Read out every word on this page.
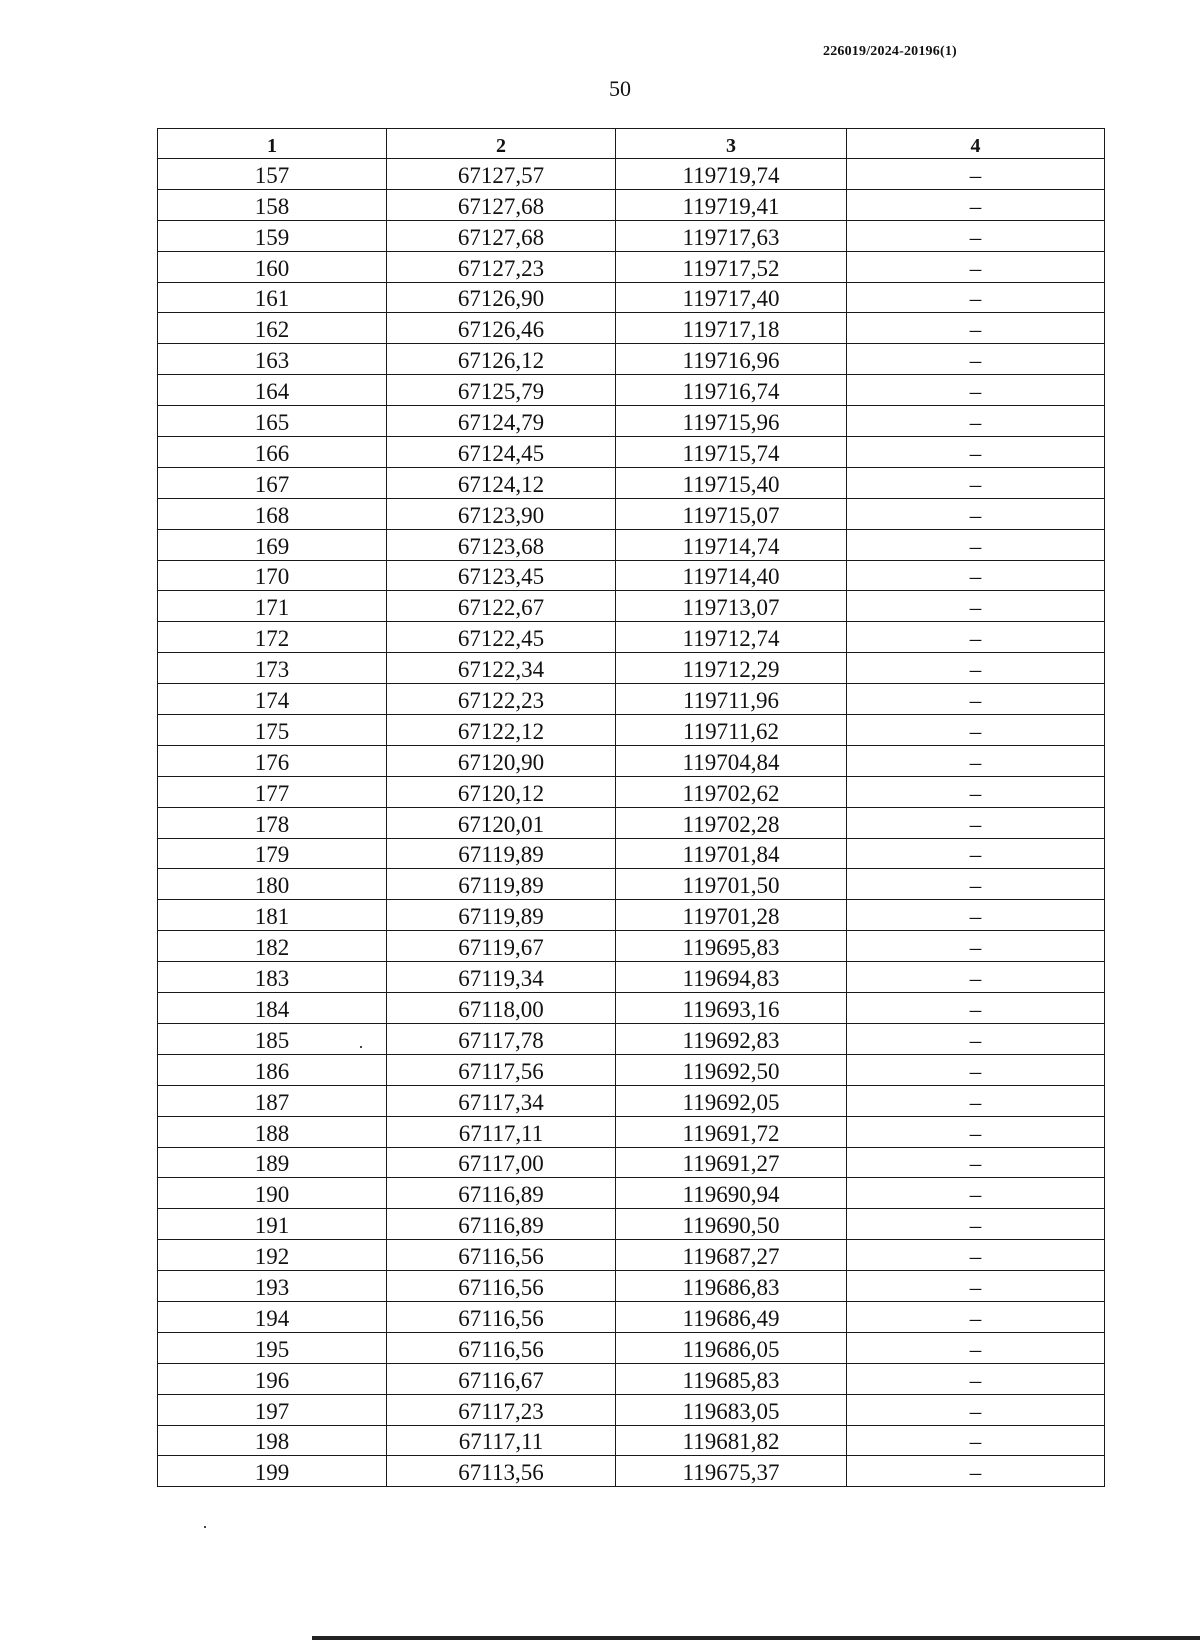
226019/2024-20196(1)
50
1	2	3	4
157	67127,57	119719,74	–
158	67127,68	119719,41	–
159	67127,68	119717,63	–
160	67127,23	119717,52	–
161	67126,90	119717,40	–
162	67126,46	119717,18	–
163	67126,12	119716,96	–
164	67125,79	119716,74	–
165	67124,79	119715,96	–
166	67124,45	119715,74	–
167	67124,12	119715,40	–
168	67123,90	119715,07	–
169	67123,68	119714,74	–
170	67123,45	119714,40	–
171	67122,67	119713,07	–
172	67122,45	119712,74	–
173	67122,34	119712,29	–
174	67122,23	119711,96	–
175	67122,12	119711,62	–
176	67120,90	119704,84	–
177	67120,12	119702,62	–
178	67120,01	119702,28	–
179	67119,89	119701,84	–
180	67119,89	119701,50	–
181	67119,89	119701,28	–
182	67119,67	119695,83	–
183	67119,34	119694,83	–
184	67118,00	119693,16	–
185	67117,78	119692,83	–
186	67117,56	119692,50	–
187	67117,34	119692,05	–
188	67117,11	119691,72	–
189	67117,00	119691,27	–
190	67116,89	119690,94	–
191	67116,89	119690,50	–
192	67116,56	119687,27	–
193	67116,56	119686,83	–
194	67116,56	119686,49	–
195	67116,56	119686,05	–
196	67116,67	119685,83	–
197	67117,23	119683,05	–
198	67117,11	119681,82	–
199	67113,56	119675,37	–
